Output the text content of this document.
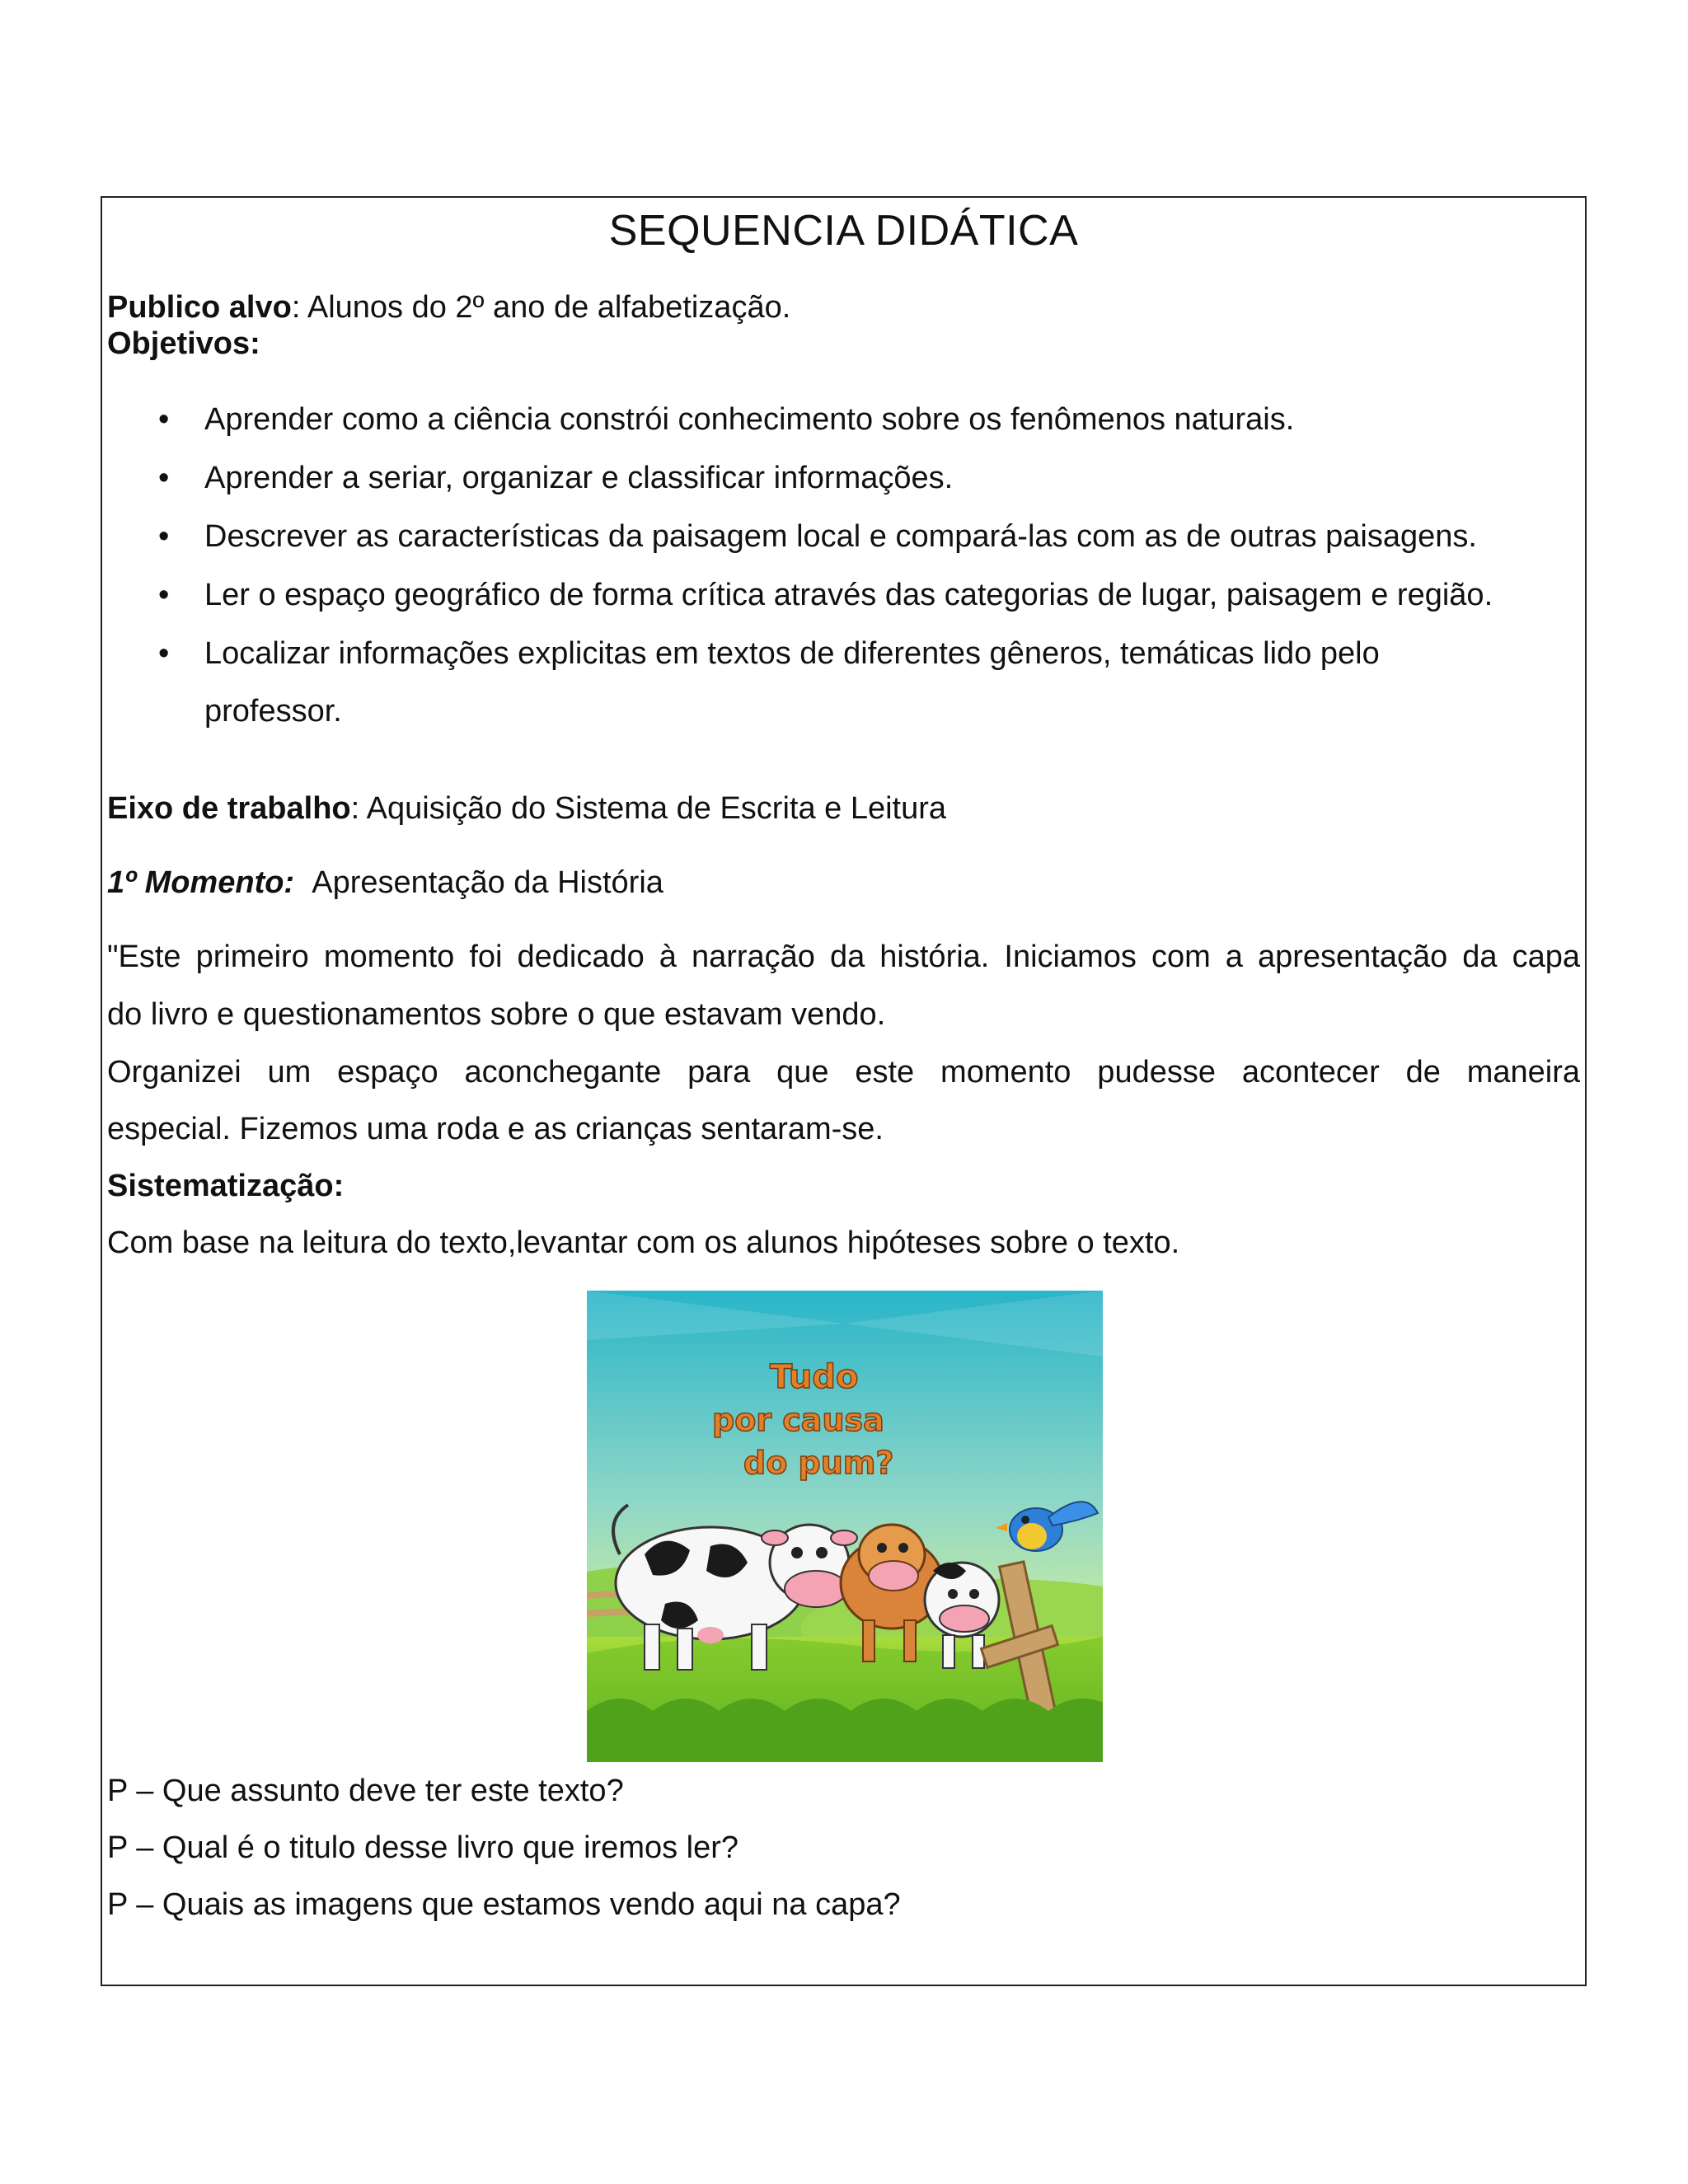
SEQUENCIA DIDÁTICA
Publico alvo: Alunos do 2º ano de alfabetização.
Objetivos:
• Aprender como a ciência constrói conhecimento sobre os fenômenos naturais.
• Aprender a seriar, organizar e classificar informações.
• Descrever as características da paisagem local e compará-las com as de outras paisagens.
• Ler o espaço geográfico de forma crítica através das categorias de lugar, paisagem e região.
• Localizar informações explicitas em textos de diferentes gêneros, temáticas lido pelo
professor.
Eixo de trabalho: Aquisição do Sistema de Escrita e Leitura
1º Momento: Apresentação da História
"Este primeiro momento foi dedicado à narração da história. Iniciamos com a apresentação da capa
do livro e questionamentos sobre o que estavam vendo.
Organizei um espaço aconchegante para que este momento pudesse acontecer de maneira
especial. Fizemos uma roda e as crianças sentaram-se.
Sistematização:
Com base na leitura do texto,levantar com os alunos hipóteses sobre o texto.
Tudo
por causa
do pum?
P – Que assunto deve ter este texto?
P – Qual é o titulo desse livro que iremos ler?
P – Quais as imagens que estamos vendo aqui na capa?
